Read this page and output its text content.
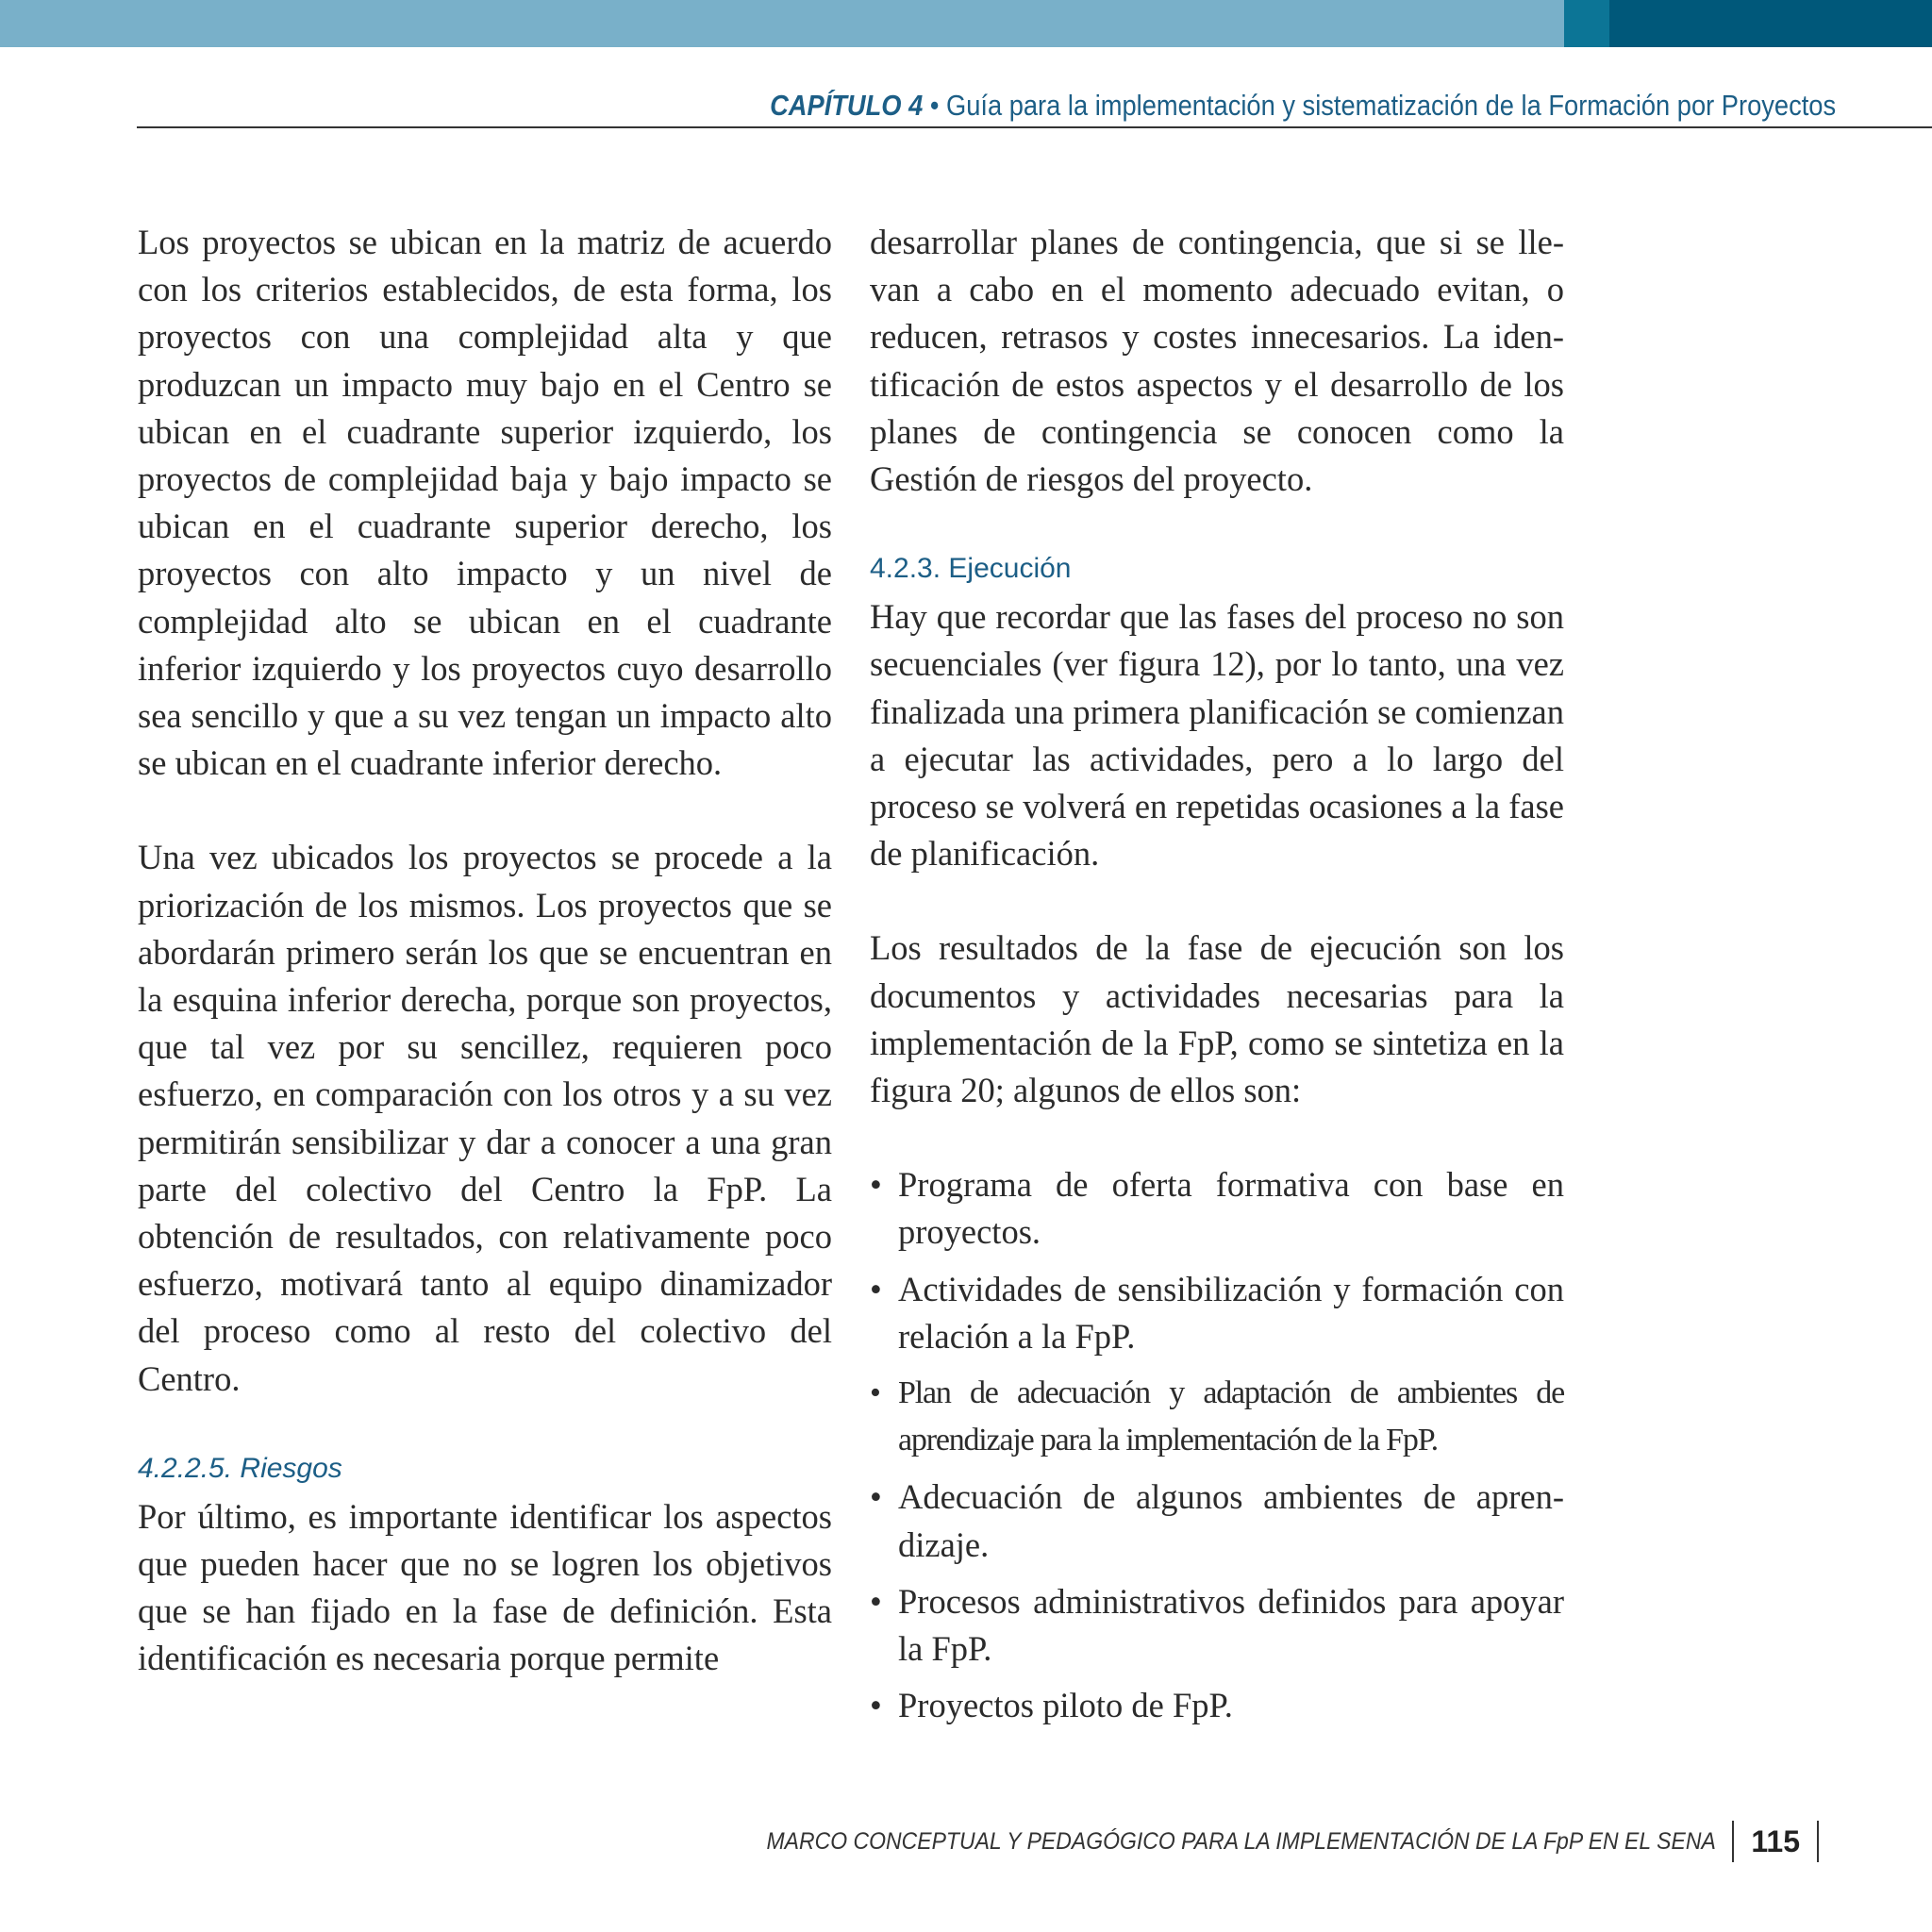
CAPÍTULO 4 • Guía para la implementación y sistematización de la Formación por Proyectos

Los proyectos se ubican en la matriz de acuerdo con los criterios establecidos, de esta forma, los proyectos con una complejidad alta y que produzcan un impacto muy bajo en el Centro se ubican en el cuadrante superior izquierdo, los proyectos de complejidad baja y bajo impacto se ubican en el cuadrante superior derecho, los proyectos con alto impacto y un nivel de complejidad alto se ubican en el cuadrante inferior izquierdo y los proyectos cuyo desarrollo sea sencillo y que a su vez tengan un impacto alto se ubican en el cuadrante inferior derecho.

Una vez ubicados los proyectos se procede a la priorización de los mismos. Los proyectos que se abordarán primero serán los que se encuentran en la esquina inferior derecha, porque son proyectos, que tal vez por su sencillez, requieren poco esfuerzo, en comparación con los otros y a su vez permitirán sensibilizar y dar a conocer a una gran parte del colectivo del Centro la FpP. La obtención de resultados, con relativamente poco esfuerzo, motivará tanto al equipo dinamizador del proceso como al resto del colectivo del Centro.

4.2.2.5. Riesgos

Por último, es importante identificar los aspectos que pueden hacer que no se logren los objetivos que se han fijado en la fase de definición. Esta identificación es necesaria porque permite

desarrollar planes de contingencia, que si se llevan a cabo en el momento adecuado evitan, o reducen, retrasos y costes innecesarios. La identificación de estos aspectos y el desarrollo de los planes de contingencia se conocen como la Gestión de riesgos del proyecto.

4.2.3. Ejecución

Hay que recordar que las fases del proceso no son secuenciales (ver figura 12), por lo tanto, una vez finalizada una primera planificación se comienzan a ejecutar las actividades, pero a lo largo del proceso se volverá en repetidas ocasiones a la fase de planificación.

Los resultados de la fase de ejecución son los documentos y actividades necesarias para la implementación de la FpP, como se sintetiza en la figura 20; algunos de ellos son:

• Programa de oferta formativa con base en proyectos.
• Actividades de sensibilización y formación con relación a la FpP.
• Plan de adecuación y adaptación de ambientes de aprendizaje para la implementación de la FpP.
• Adecuación de algunos ambientes de aprendizaje.
• Procesos administrativos definidos para apoyar la FpP.
• Proyectos piloto de FpP.
MARCO CONCEPTUAL Y PEDAGÓGICO PARA LA IMPLEMENTACIÓN DE LA FpP EN EL SENA 115
